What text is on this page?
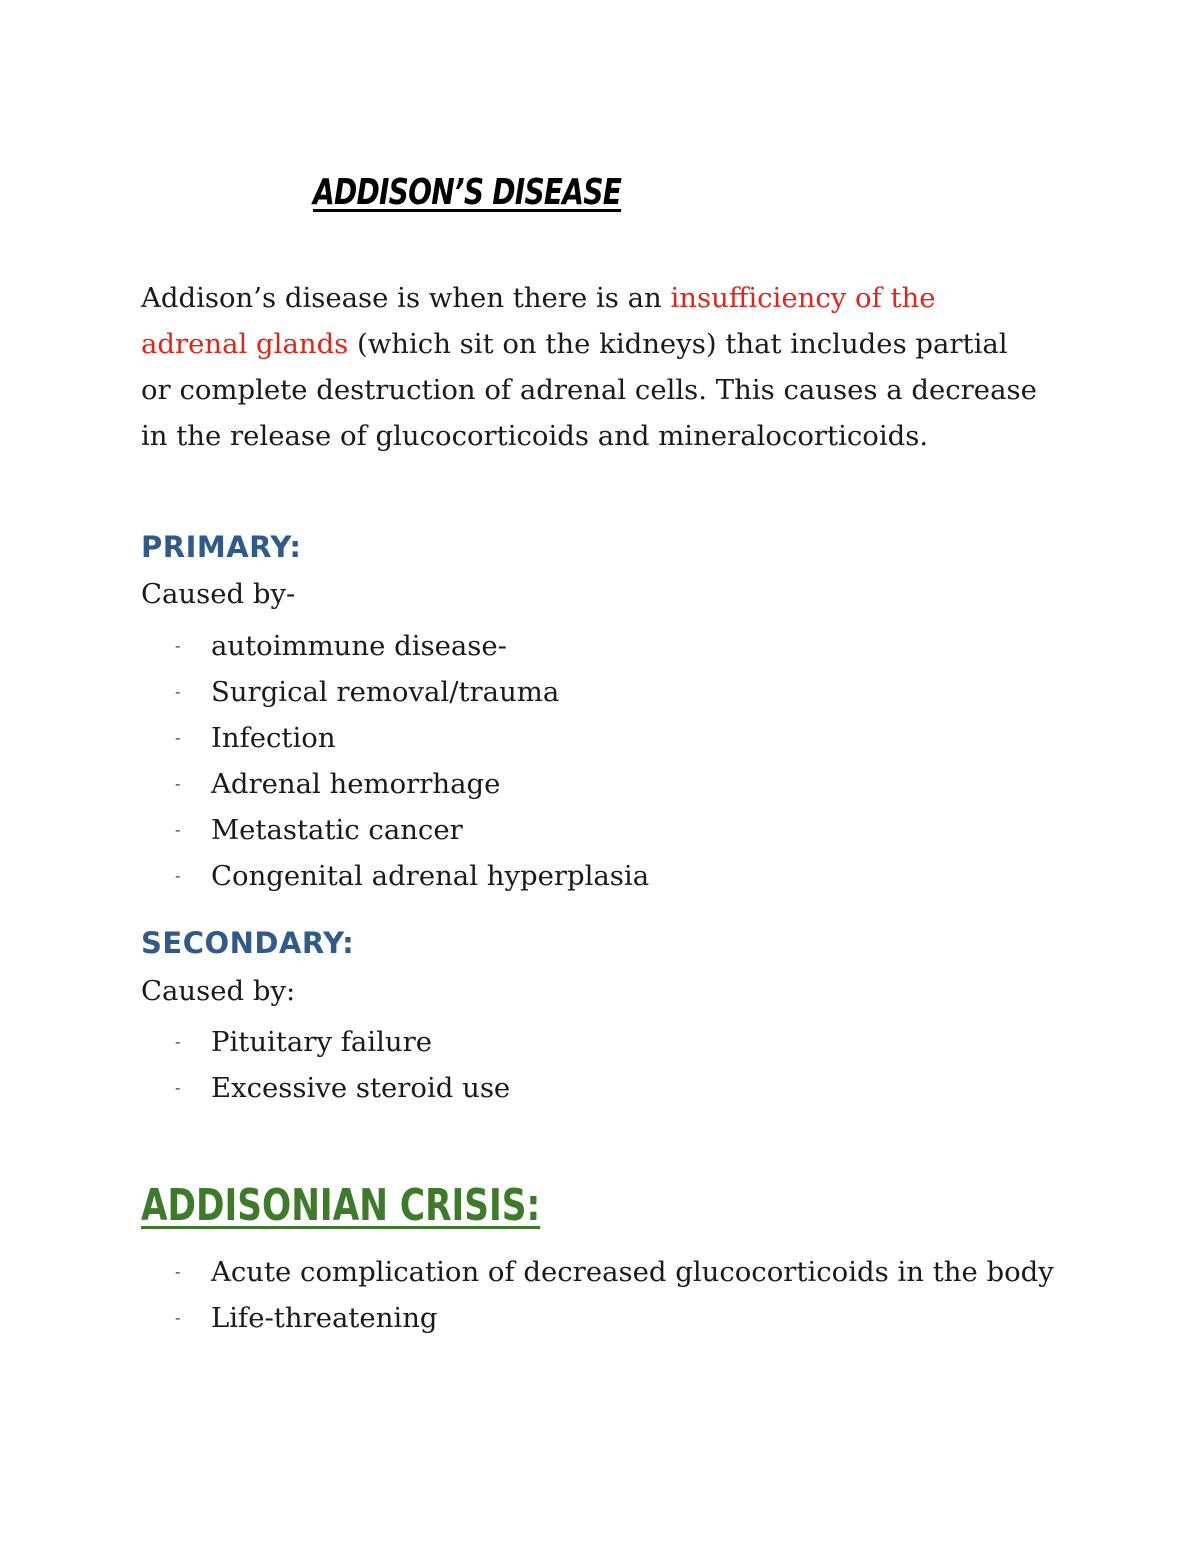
ADDISON’S DISEASE

Addison’s disease is when there is an insufficiency of the adrenal glands (which sit on the kidneys) that includes partial or complete destruction of adrenal cells. This causes a decrease in the release of glucocorticoids and mineralocorticoids.

PRIMARY:

Caused by-

- autoimmune disease-
- Surgical removal/trauma
- Infection
- Adrenal hemorrhage
- Metastatic cancer
- Congenital adrenal hyperplasia
SECONDARY:

Caused by:

- Pituitary failure
- Excessive steroid use
ADDISONIAN CRISIS:
- Acute complication of decreased glucocorticoids in the body
- Life-threatening
